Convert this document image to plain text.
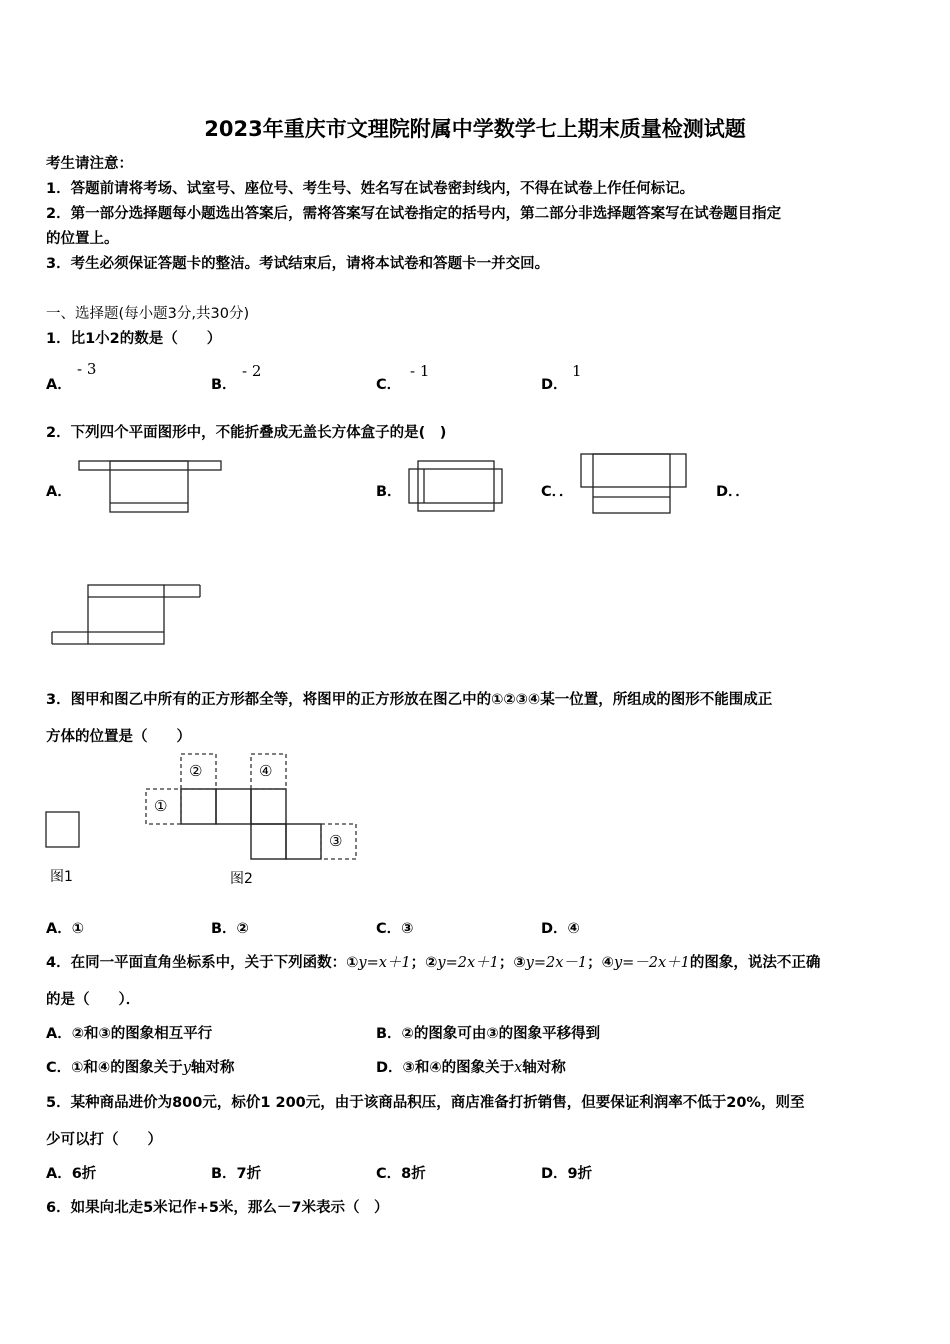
2023年重庆市文理院附属中学数学七上期末质量检测试题
考生请注意：
1．答题前请将考场、试室号、座位号、考生号、姓名写在试卷密封线内，不得在试卷上作任何标记。
2．第一部分选择题每小题选出答案后，需将答案写在试卷指定的括号内，第二部分非选择题答案写在试卷题目指定
的位置上。
3．考生必须保证答题卡的整洁。考试结束后，请将本试卷和答题卡一并交回。
一、选择题(每小题3分,共30分)
1．比1小2的数是（　　）
A．
- 3
B．
- 2
C．
- 1
D．
1
2．下列四个平面图形中，不能折叠成无盖长方体盒子的是(　)
A．	B．	C．．	D．．
3．图甲和图乙中所有的正方形都全等，将图甲的正方形放在图乙中的①②③④某一位置，所组成的图形不能围成正
方体的位置是（　　）
图1
①
②
③
④
图2
A．①	B．②	C．③	D．④
4．在同一平面直角坐标系中，关于下列函数：①y=x＋1；②y=2x＋1；③y=2x－1；④y=－2x＋1的图象，说法不正确
的是（　　）．
A．②和③的图象相互平行	B．②的图象可由③的图象平移得到
C．①和④的图象关于y轴对称	D．③和④的图象关于x轴对称
5．某种商品进价为800元，标价1 200元，由于该商品积压，商店准备打折销售，但要保证利润率不低于20%，则至
少可以打（　　）
A．6折	B．7折	C．8折	D．9折
6．如果向北走5米记作+5米，那么－7米表示（　）
